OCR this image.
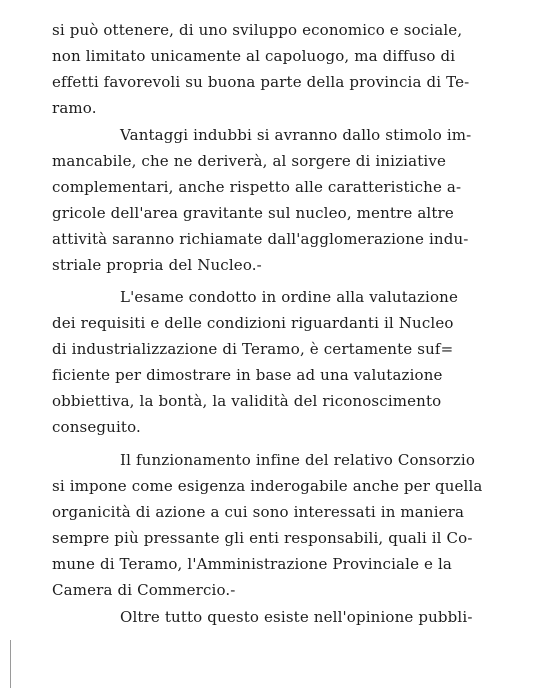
si può ottenere, di uno sviluppo economico e sociale,

non limitato unicamente al capoluogo, ma diffuso di

effetti favorevoli su buona parte della provincia di Te-

ramo.

Vantaggi indubbi si avranno dallo stimolo im-

mancabile, che ne deriverà, al sorgere di iniziative

complementari, anche rispetto alle caratteristiche a-

gricole dell'area gravitante sul nucleo, mentre altre

attività saranno richiamate dall'agglomerazione indu-

striale propria del Nucleo.-

L'esame condotto in ordine alla valutazione

dei requisiti e delle condizioni riguardanti il Nucleo

di industrializzazione di Teramo, è certamente suf=

ficiente per dimostrare in base ad una valutazione

obbiettiva, la bontà, la validità del riconoscimento

conseguito.

Il funzionamento infine del relativo Consorzio

si impone come esigenza inderogabile anche per quella

organicità di azione a cui sono interessati in maniera

sempre più pressante gli enti responsabili, quali il Co-

mune di Teramo, l'Amministrazione Provinciale e la

Camera di Commercio.-

Oltre tutto questo esiste nell'opinione pubbli-
